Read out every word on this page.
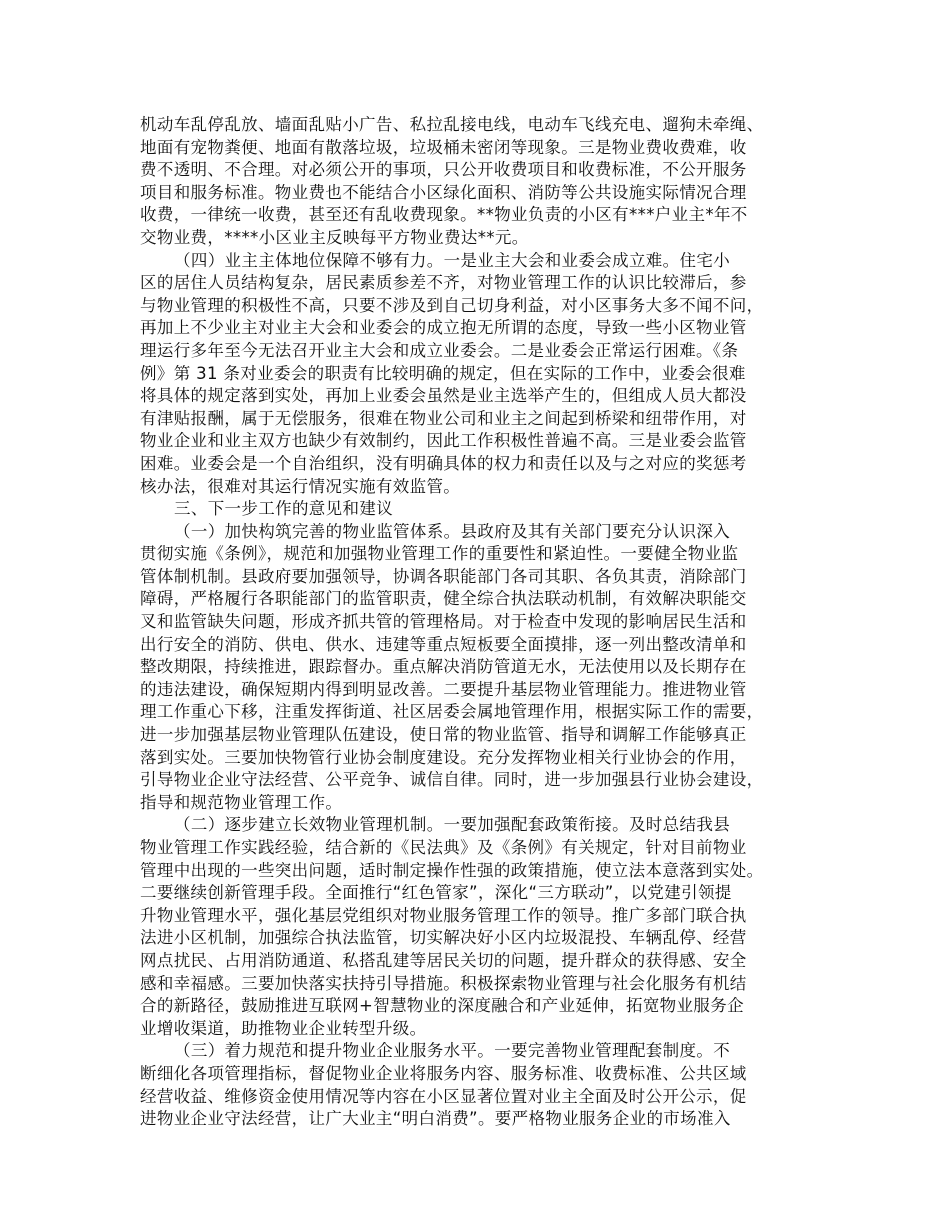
机动车乱停乱放、墙面乱贴小广告、私拉乱接电线，电动车飞线充电、遛狗未牵绳、
地面有宠物粪便、地面有散落垃圾，垃圾桶未密闭等现象。三是物业费收费难，收
费不透明、不合理。对必须公开的事项，只公开收费项目和收费标准，不公开服务
项目和服务标准。物业费也不能结合小区绿化面积、消防等公共设施实际情况合理
收费，一律统一收费，甚至还有乱收费现象。**物业负责的小区有***户业主*年不
交物业费，****小区业主反映每平方物业费达**元。
（四）业主主体地位保障不够有力。一是业主大会和业委会成立难。住宅小
区的居住人员结构复杂，居民素质参差不齐，对物业管理工作的认识比较滞后，参
与物业管理的积极性不高，只要不涉及到自己切身利益，对小区事务大多不闻不问，
再加上不少业主对业主大会和业委会的成立抱无所谓的态度，导致一些小区物业管
理运行多年至今无法召开业主大会和成立业委会。二是业委会正常运行困难。《条
例》第 31 条对业委会的职责有比较明确的规定，但在实际的工作中，业委会很难
将具体的规定落到实处，再加上业委会虽然是业主选举产生的，但组成人员大都没
有津贴报酬，属于无偿服务，很难在物业公司和业主之间起到桥梁和纽带作用，对
物业企业和业主双方也缺少有效制约，因此工作积极性普遍不高。三是业委会监管
困难。业委会是一个自治组织，没有明确具体的权力和责任以及与之对应的奖惩考
核办法，很难对其运行情况实施有效监管。
三、下一步工作的意见和建议
（一）加快构筑完善的物业监管体系。县政府及其有关部门要充分认识深入
贯彻实施《条例》，规范和加强物业管理工作的重要性和紧迫性。一要健全物业监
管体制机制。县政府要加强领导，协调各职能部门各司其职、各负其责，消除部门
障碍，严格履行各职能部门的监管职责，健全综合执法联动机制，有效解决职能交
叉和监管缺失问题，形成齐抓共管的管理格局。对于检查中发现的影响居民生活和
出行安全的消防、供电、供水、违建等重点短板要全面摸排，逐一列出整改清单和
整改期限，持续推进，跟踪督办。重点解决消防管道无水，无法使用以及长期存在
的违法建设，确保短期内得到明显改善。二要提升基层物业管理能力。推进物业管
理工作重心下移，注重发挥街道、社区居委会属地管理作用，根据实际工作的需要，
进一步加强基层物业管理队伍建设，使日常的物业监管、指导和调解工作能够真正
落到实处。三要加快物管行业协会制度建设。充分发挥物业相关行业协会的作用，
引导物业企业守法经营、公平竞争、诚信自律。同时，进一步加强县行业协会建设，
指导和规范物业管理工作。
（二）逐步建立长效物业管理机制。一要加强配套政策衔接。及时总结我县
物业管理工作实践经验，结合新的《民法典》及《条例》有关规定，针对目前物业
管理中出现的一些突出问题，适时制定操作性强的政策措施，使立法本意落到实处。
二要继续创新管理手段。全面推行“红色管家”，深化“三方联动”，以党建引领提
升物业管理水平，强化基层党组织对物业服务管理工作的领导。推广多部门联合执
法进小区机制，加强综合执法监管，切实解决好小区内垃圾混投、车辆乱停、经营
网点扰民、占用消防通道、私搭乱建等居民关切的问题，提升群众的获得感、安全
感和幸福感。三要加快落实扶持引导措施。积极探索物业管理与社会化服务有机结
合的新路径，鼓励推进互联网+智慧物业的深度融合和产业延伸，拓宽物业服务企
业增收渠道，助推物业企业转型升级。
（三）着力规范和提升物业企业服务水平。一要完善物业管理配套制度。不
断细化各项管理指标，督促物业企业将服务内容、服务标准、收费标准、公共区域
经营收益、维修资金使用情况等内容在小区显著位置对业主全面及时公开公示，促
进物业企业守法经营，让广大业主“明白消费”。要严格物业服务企业的市场准入
